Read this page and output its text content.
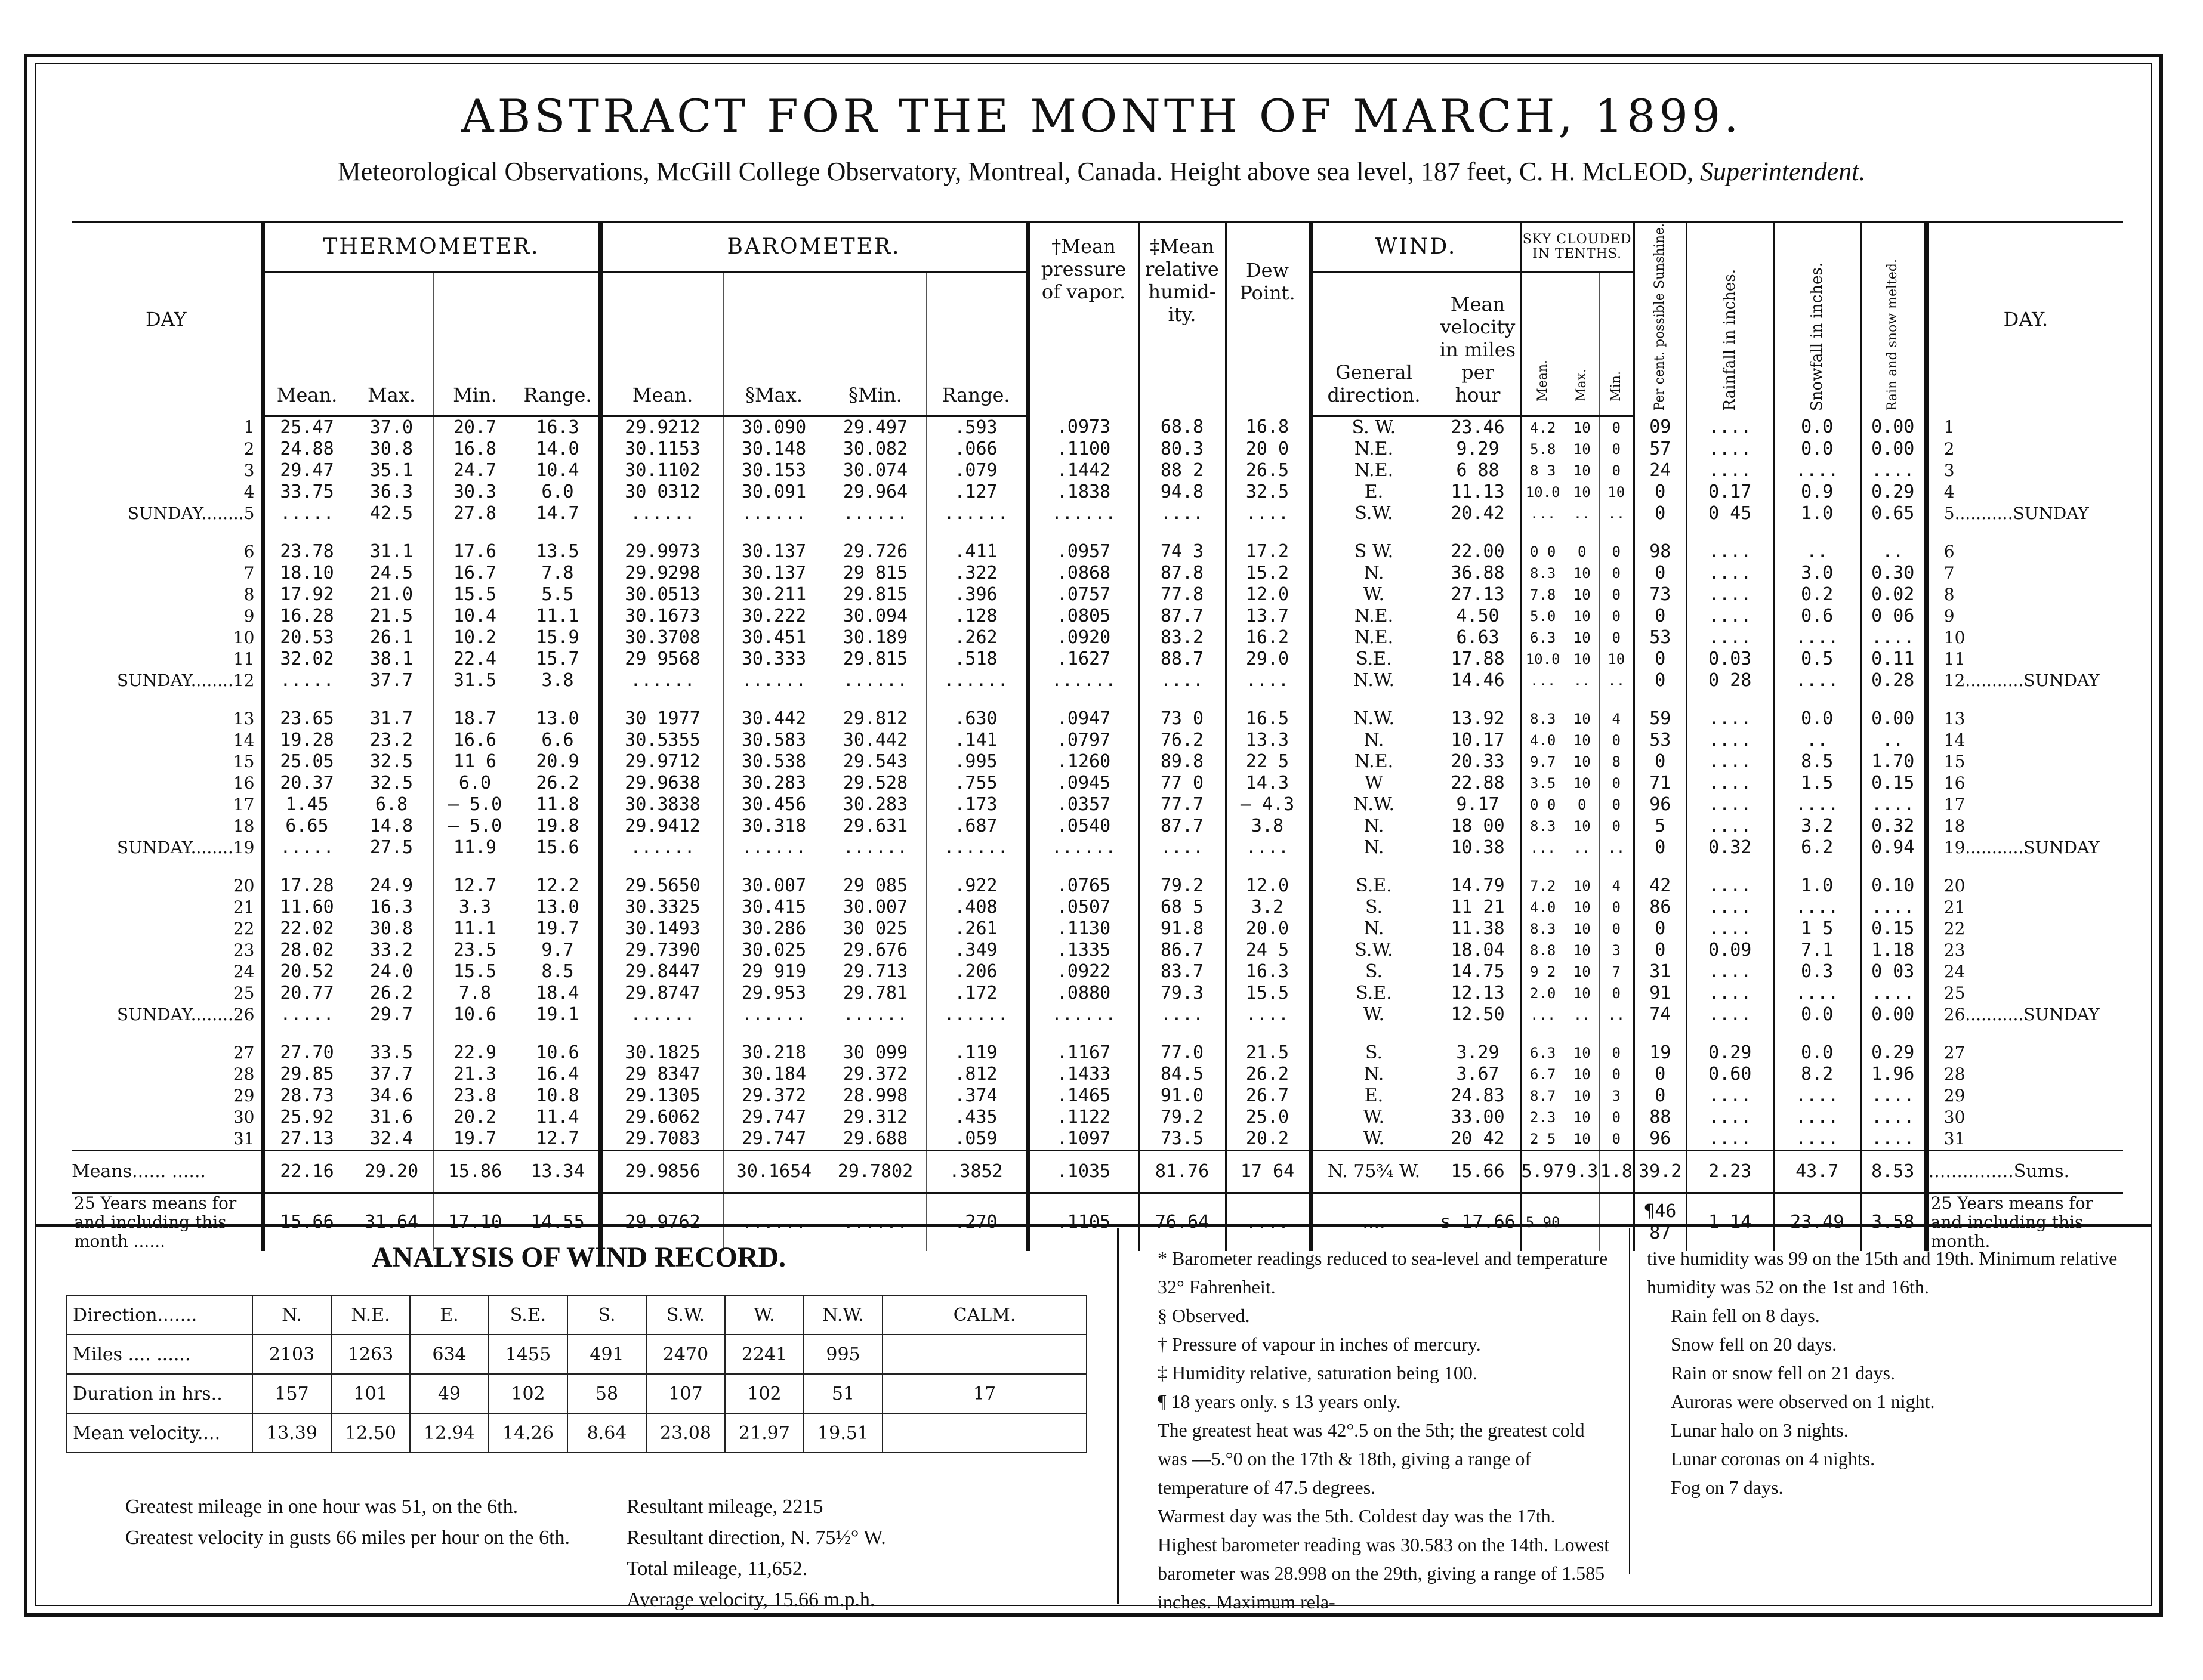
ABSTRACT FOR THE MONTH OF MARCH, 1899.
Meteorological Observations, McGill College Observatory, Montreal, Canada. Height above sea level, 187 feet, C. H. McLEOD, Superintendent.
DAY	THERMOMETER.				BAROMETER.				†Mean pressure of vapor.	‡Mean relative humid-ity.	Dew Point.	WIND.		SKY CLOUDED IN TENTHS.			Per cent. possible Sunshine.	Rainfall in inches.	Snowfall in inches.	Rain and snow melted.	DAY.
	Mean.	Max.	Min.	Range.	Mean.	§Max.	§Min.	Range.				General direction.	Mean velocity in miles per hour	Mean.	Max.	Min.					
1	25.47	37.0	20.7	16.3	29.9212	30.090	29.497	.593	.0973	68.8	16.8	S. W.	23.46	4.2	10	0	09	....	0.0	0.00	1
2	24.88	30.8	16.8	14.0	30.1153	30.148	30.082	.066	.1100	80.3	20 0	N.E.	9.29	5.8	10	0	57	....	0.0	0.00	2
3	29.47	35.1	24.7	10.4	30.1102	30.153	30.074	.079	.1442	88 2	26.5	N.E.	6 88	8 3	10	0	24	....	....	....	3
4	33.75	36.3	30.3	6.0	30 0312	30.091	29.964	.127	.1838	94.8	32.5	E.	11.13	10.0	10	10	0	0.17	0.9	0.29	4
SUNDAY........5	.....	42.5	27.8	14.7	......	......	......	......	......	....	....	S.W.	20.42	...	..	..	0	0 45	1.0	0.65	5...........SUNDAY

6	23.78	31.1	17.6	13.5	29.9973	30.137	29.726	.411	.0957	74 3	17.2	S W.	22.00	0 0	0	0	98	....	..	..	6
7	18.10	24.5	16.7	7.8	29.9298	30.137	29 815	.322	.0868	87.8	15.2	N.	36.88	8.3	10	0	0	....	3.0	0.30	7
8	17.92	21.0	15.5	5.5	30.0513	30.211	29.815	.396	.0757	77.8	12.0	W.	27.13	7.8	10	0	73	....	0.2	0.02	8
9	16.28	21.5	10.4	11.1	30.1673	30.222	30.094	.128	.0805	87.7	13.7	N.E.	4.50	5.0	10	0	0	....	0.6	0 06	9
10	20.53	26.1	10.2	15.9	30.3708	30.451	30.189	.262	.0920	83.2	16.2	N.E.	6.63	6.3	10	0	53	....	....	....	10
11	32.02	38.1	22.4	15.7	29 9568	30.333	29.815	.518	.1627	88.7	29.0	S.E.	17.88	10.0	10	10	0	0.03	0.5	0.11	11
SUNDAY........12	.....	37.7	31.5	3.8	......	......	......	......	......	....	....	N.W.	14.46	...	..	..	0	0 28	....	0.28	12...........SUNDAY

13	23.65	31.7	18.7	13.0	30 1977	30.442	29.812	.630	.0947	73 0	16.5	N.W.	13.92	8.3	10	4	59	....	0.0	0.00	13
14	19.28	23.2	16.6	6.6	30.5355	30.583	30.442	.141	.0797	76.2	13.3	N.	10.17	4.0	10	0	53	....	..	..	14
15	25.05	32.5	11 6	20.9	29.9712	30.538	29.543	.995	.1260	89.8	22 5	N.E.	20.33	9.7	10	8	0	....	8.5	1.70	15
16	20.37	32.5	6.0	26.2	29.9638	30.283	29.528	.755	.0945	77 0	14.3	W	22.88	3.5	10	0	71	....	1.5	0.15	16
17	1.45	6.8	— 5.0	11.8	30.3838	30.456	30.283	.173	.0357	77.7	— 4.3	N.W.	9.17	0 0	0	0	96	....	....	....	17
18	6.65	14.8	— 5.0	19.8	29.9412	30.318	29.631	.687	.0540	87.7	3.8	N.	18 00	8.3	10	0	5	....	3.2	0.32	18
SUNDAY........19	.....	27.5	11.9	15.6	......	......	......	......	......	....	....	N.	10.38	...	..	..	0	0.32	6.2	0.94	19...........SUNDAY

20	17.28	24.9	12.7	12.2	29.5650	30.007	29 085	.922	.0765	79.2	12.0	S.E.	14.79	7.2	10	4	42	....	1.0	0.10	20
21	11.60	16.3	3.3	13.0	30.3325	30.415	30.007	.408	.0507	68 5	3.2	S.	11 21	4.0	10	0	86	....	....	....	21
22	22.02	30.8	11.1	19.7	30.1493	30.286	30 025	.261	.1130	91.8	20.0	N.	11.38	8.3	10	0	0	....	1 5	0.15	22
23	28.02	33.2	23.5	9.7	29.7390	30.025	29.676	.349	.1335	86.7	24 5	S.W.	18.04	8.8	10	3	0	0.09	7.1	1.18	23
24	20.52	24.0	15.5	8.5	29.8447	29 919	29.713	.206	.0922	83.7	16.3	S.	14.75	9 2	10	7	31	....	0.3	0 03	24
25	20.77	26.2	7.8	18.4	29.8747	29.953	29.781	.172	.0880	79.3	15.5	S.E.	12.13	2.0	10	0	91	....	....	....	25
SUNDAY........26	.....	29.7	10.6	19.1	......	......	......	......	......	....	....	W.	12.50	...	..	..	74	....	0.0	0.00	26...........SUNDAY

27	27.70	33.5	22.9	10.6	30.1825	30.218	30 099	.119	.1167	77.0	21.5	S.	3.29	6.3	10	0	19	0.29	0.0	0.29	27
28	29.85	37.7	21.3	16.4	29 8347	30.184	29.372	.812	.1433	84.5	26.2	N.	3.67	6.7	10	0	0	0.60	8.2	1.96	28
29	28.73	34.6	23.8	10.8	29.1305	29.372	28.998	.374	.1465	91.0	26.7	E.	24.83	8.7	10	3	0	....	....	....	29
30	25.92	31.6	20.2	11.4	29.6062	29.747	29.312	.435	.1122	79.2	25.0	W.	33.00	2.3	10	0	88	....	....	....	30
31	27.13	32.4	19.7	12.7	29.7083	29.747	29.688	.059	.1097	73.5	20.2	W.	20 42	2 5	10	0	96	....	....	....	31
Means...... ......	22.16	29.20	15.86	13.34	29.9856	30.1654	29.7802	.3852	.1035	81.76	17 64	N. 75¾ W.	15.66	5.97	9.3	1.8	39.2	2.23	43.7	8.53	...............Sums.
25 Years means for and including this month ......	15.66	31.64	17.10	14.55	29.9762	......	......	.270	.1105	76.64	....	....	s 17.66	5.90	..	..	¶46 87	1 14	23.49	3.58	25 Years means for and including this month.
ANALYSIS OF WIND RECORD.
Direction.......	N.	N.E.	E.	S.E.	S.	S.W.	W.	N.W.	CALM.
Miles .... ......	2103	1263	634	1455	491	2470	2241	995	
Duration in hrs..	157	101	49	102	58	107	102	51	17
Mean velocity....	13.39	12.50	12.94	14.26	8.64	23.08	21.97	19.51	
Greatest mileage in one hour was 51, on the 6th.
Greatest velocity in gusts 66 miles per hour on the 6th.
Resultant mileage, 2215
Resultant direction, N. 75½° W.
Total mileage, 11,652.
Average velocity, 15.66 m.p.h.

* Barometer readings reduced to sea-level and temperature 32° Fahrenheit.

§ Observed.

† Pressure of vapour in inches of mercury.

‡ Humidity relative, saturation being 100.

¶ 18 years only. s 13 years only.

The greatest heat was 42°.5 on the 5th; the greatest cold was —5.°0 on the 17th & 18th, giving a range of temperature of 47.5 degrees.

Warmest day was the 5th. Coldest day was the 17th. Highest barometer reading was 30.583 on the 14th. Lowest barometer was 28.998 on the 29th, giving a range of 1.585 inches. Maximum rela-

tive humidity was 99 on the 15th and 19th. Minimum relative humidity was 52 on the 1st and 16th.

Rain fell on 8 days.

Snow fell on 20 days.

Rain or snow fell on 21 days.

Auroras were observed on 1 night.

Lunar halo on 3 nights.

Lunar coronas on 4 nights.

Fog on 7 days.
